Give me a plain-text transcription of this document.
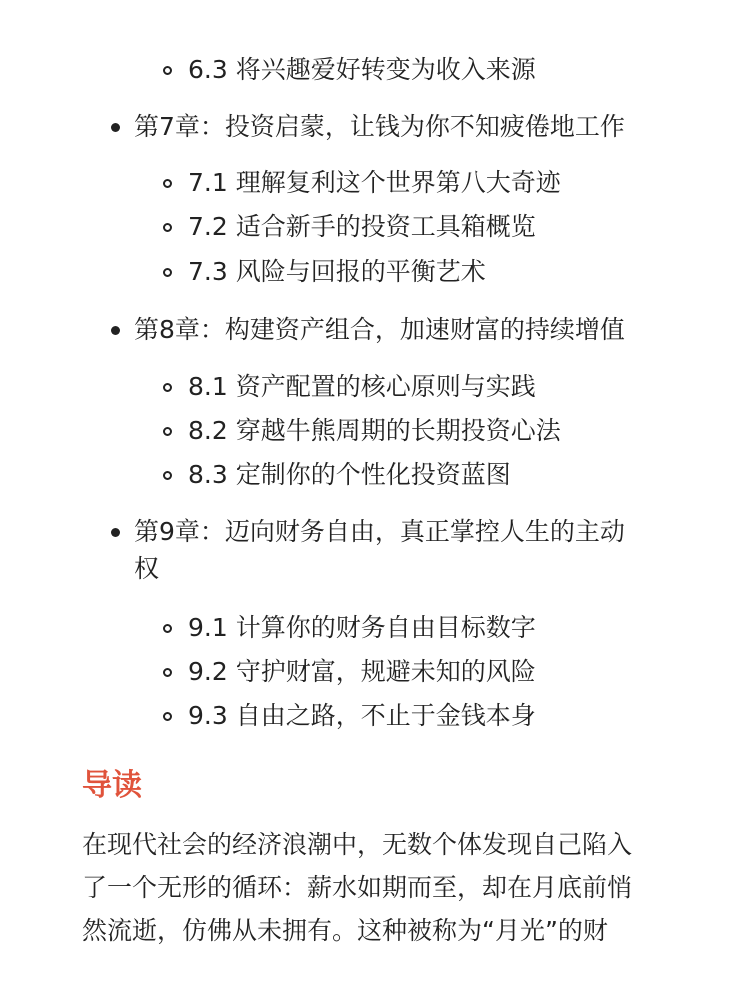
6.3 将兴趣爱好转变为收入来源
第7章：投资启蒙，让钱为你不知疲倦地工作
7.1 理解复利这个世界第八大奇迹
7.2 适合新手的投资工具箱概览
7.3 风险与回报的平衡艺术
第8章：构建资产组合，加速财富的持续增值
8.1 资产配置的核心原则与实践
8.2 穿越牛熊周期的长期投资心法
8.3 定制你的个性化投资蓝图
第9章：迈向财务自由，真正掌控人生的主动
权
9.1 计算你的财务自由目标数字
9.2 守护财富，规避未知的风险
9.3 自由之路，不止于金钱本身
导读
在现代社会的经济浪潮中，无数个体发现自己陷入
了一个无形的循环：薪水如期而至，却在月底前悄
然流逝，仿佛从未拥有。这种被称为“月光”的财
